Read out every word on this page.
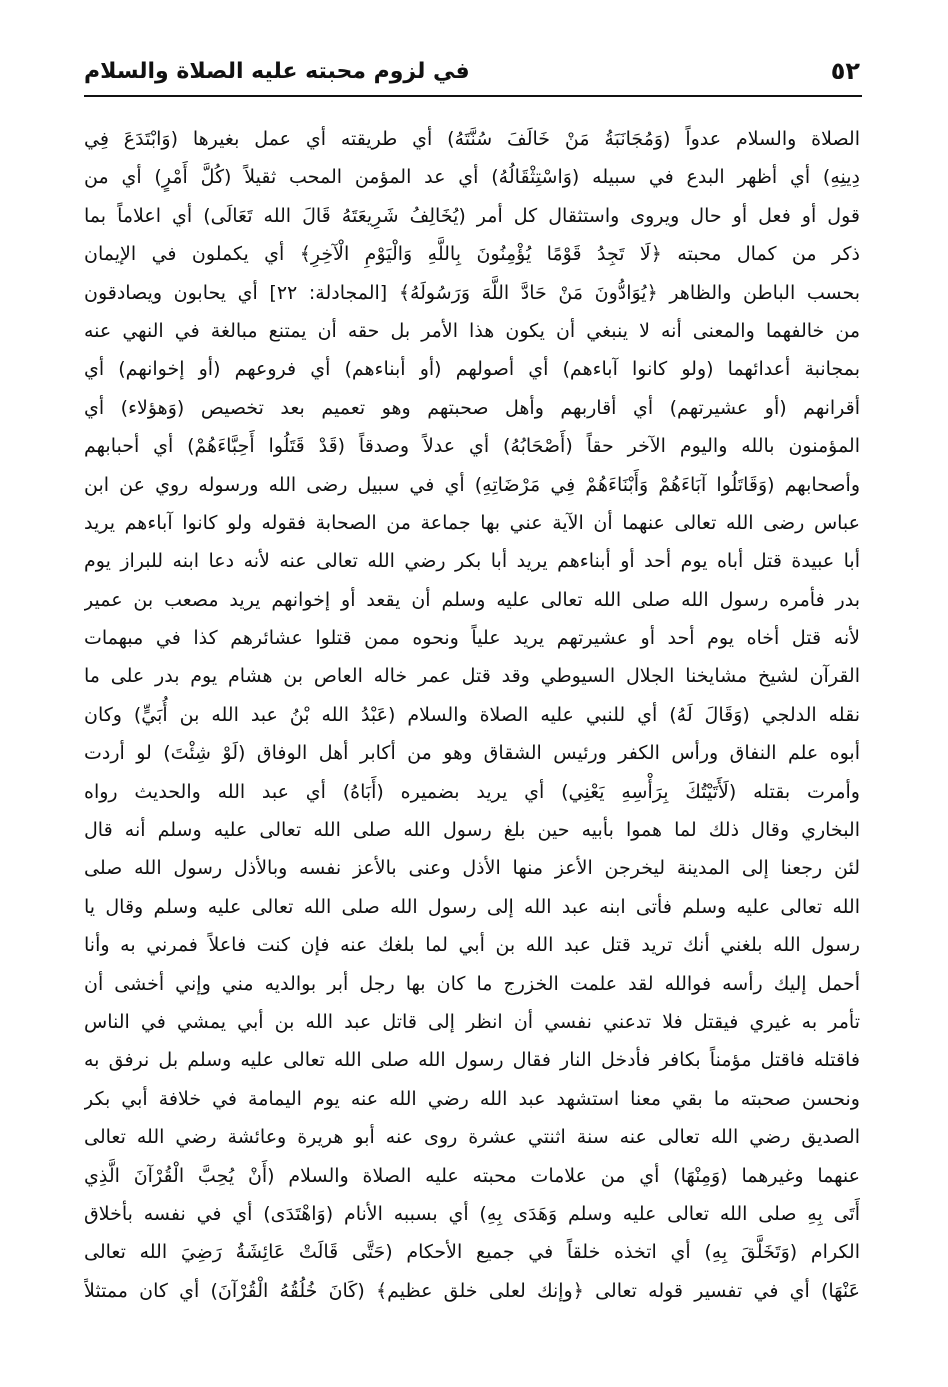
٥٢
في لزوم محبته عليه الصلاة والسلام
الصلاة والسلام عدواً (وَمُجَانَبَةُ مَنْ خَالَفَ سُنَّتَهُ) أي طريقته أي عمل بغيرها (وَابْتَدَعَ فِي
دِينِهِ) أي أظهر البدع في سبيله (وَاسْتِثْقَالُهُ) أي عد المؤمن المحب ثقيلاً (كُلَّ أَمْرٍ) أي من
قول أو فعل أو حال ويروى واستثقال كل أمر (يُخَالِفُ شَرِيعَتَهُ قَالَ الله تَعَالَى) أي اعلاماً بما
ذكر من كمال محبته ﴿لَا تَجِدُ قَوْمًا يُؤْمِنُونَ بِاللَّهِ وَالْيَوْمِ الْآخِرِ﴾ أي يكملون في الإيمان
بحسب الباطن والظاهر ﴿يُوَادُّونَ مَنْ حَادَّ اللَّهَ وَرَسُولَهُ﴾ [المجادلة: ٢٢] أي يحابون ويصادقون
من خالفهما والمعنى أنه لا ينبغي أن يكون هذا الأمر بل حقه أن يمتنع مبالغة في النهي عنه
بمجانبة أعدائهما (ولو كانوا آباءهم) أي أصولهم (أو أبناءهم) أي فروعهم (أو إخوانهم) أي
أقرانهم (أو عشيرتهم) أي أقاربهم وأهل صحبتهم وهو تعميم بعد تخصيص (وَهؤلاء) أي
المؤمنون بالله واليوم الآخر حقاً (أَصْحَابُهُ) أي عدلاً وصدقاً (قَدْ قَتَلُوا أَحِبَّاءَهُمْ) أي أحبابهم
وأصحابهم (وَقَاتَلُوا آبَاءَهُمْ وَأَبْنَاءَهُمْ فِي مَرْضَاتِهِ) أي في سبيل رضى الله ورسوله روي عن ابن
عباس رضى الله تعالى عنهما أن الآية عني بها جماعة من الصحابة فقوله ولو كانوا آباءهم يريد
أبا عبيدة قتل أباه يوم أحد أو أبناءهم يريد أبا بكر رضي الله تعالى عنه لأنه دعا ابنه للبراز يوم
بدر فأمره رسول الله صلى الله تعالى عليه وسلم أن يقعد أو إخوانهم يريد مصعب بن عمير
لأنه قتل أخاه يوم أحد أو عشيرتهم يريد علياً ونحوه ممن قتلوا عشائرهم كذا في مبهمات
القرآن لشيخ مشايخنا الجلال السيوطي وقد قتل عمر خاله العاص بن هشام يوم بدر على ما
نقله الدلجي (وَقَالَ لَهُ) أي للنبي عليه الصلاة والسلام (عَبْدُ الله بْنُ عبد الله بن أُبَيٍّ) وكان
أبوه علم النفاق ورأس الكفر ورئيس الشقاق وهو من أكابر أهل الوفاق (لَوْ شِئْتَ) لو أردت
وأمرت بقتله (لَأَتَيْتُكَ بِرَأْسِهِ يَعْنِي) أي يريد بضميره (أَبَاهُ) أي عبد الله والحديث رواه
البخاري وقال ذلك لما هموا بأبيه حين بلغ رسول الله صلى الله تعالى عليه وسلم أنه قال
لئن رجعنا إلى المدينة ليخرجن الأعز منها الأذل وعنى بالأعز نفسه وبالأذل رسول الله صلى
الله تعالى عليه وسلم فأتى ابنه عبد الله إلى رسول الله صلى الله تعالى عليه وسلم وقال يا
رسول الله بلغني أنك تريد قتل عبد الله بن أبي لما بلغك عنه فإن كنت فاعلاً فمرني به وأنا
أحمل إليك رأسه فوالله لقد علمت الخزرج ما كان بها رجل أبر بوالديه مني وإني أخشى أن
تأمر به غيري فيقتل فلا تدعني نفسي أن انظر إلى قاتل عبد الله بن أبي يمشي في الناس
فاقتله فاقتل مؤمناً بكافر فأدخل النار فقال رسول الله صلى الله تعالى عليه وسلم بل نرفق به
ونحسن صحبته ما بقي معنا استشهد عبد الله رضي الله عنه يوم اليمامة في خلافة أبي بكر
الصديق رضي الله تعالى عنه سنة اثنتي عشرة روى عنه أبو هريرة وعائشة رضي الله تعالى
عنهما وغيرهما (وَمِنْهَا) أي من علامات محبته عليه الصلاة والسلام (أَنْ يُحِبَّ الْقُرْآنَ الَّذِي
أَتَى بِهِ صلى الله تعالى عليه وسلم وَهَدَى بِهِ) أي بسببه الأنام (وَاهْتَدَى) أي في نفسه بأخلاق
الكرام (وَتَخَلَّقَ بِهِ) أي اتخذه خلقاً في جميع الأحكام (حَتَّى قَالَتْ عَائِشَةُ رَضِيَ الله تعالى
عَنْهَا) أي في تفسير قوله تعالى ﴿وإنك لعلى خلق عظيم﴾ (كَانَ خُلُقُهُ الْقُرْآنَ) أي كان ممتثلاً
